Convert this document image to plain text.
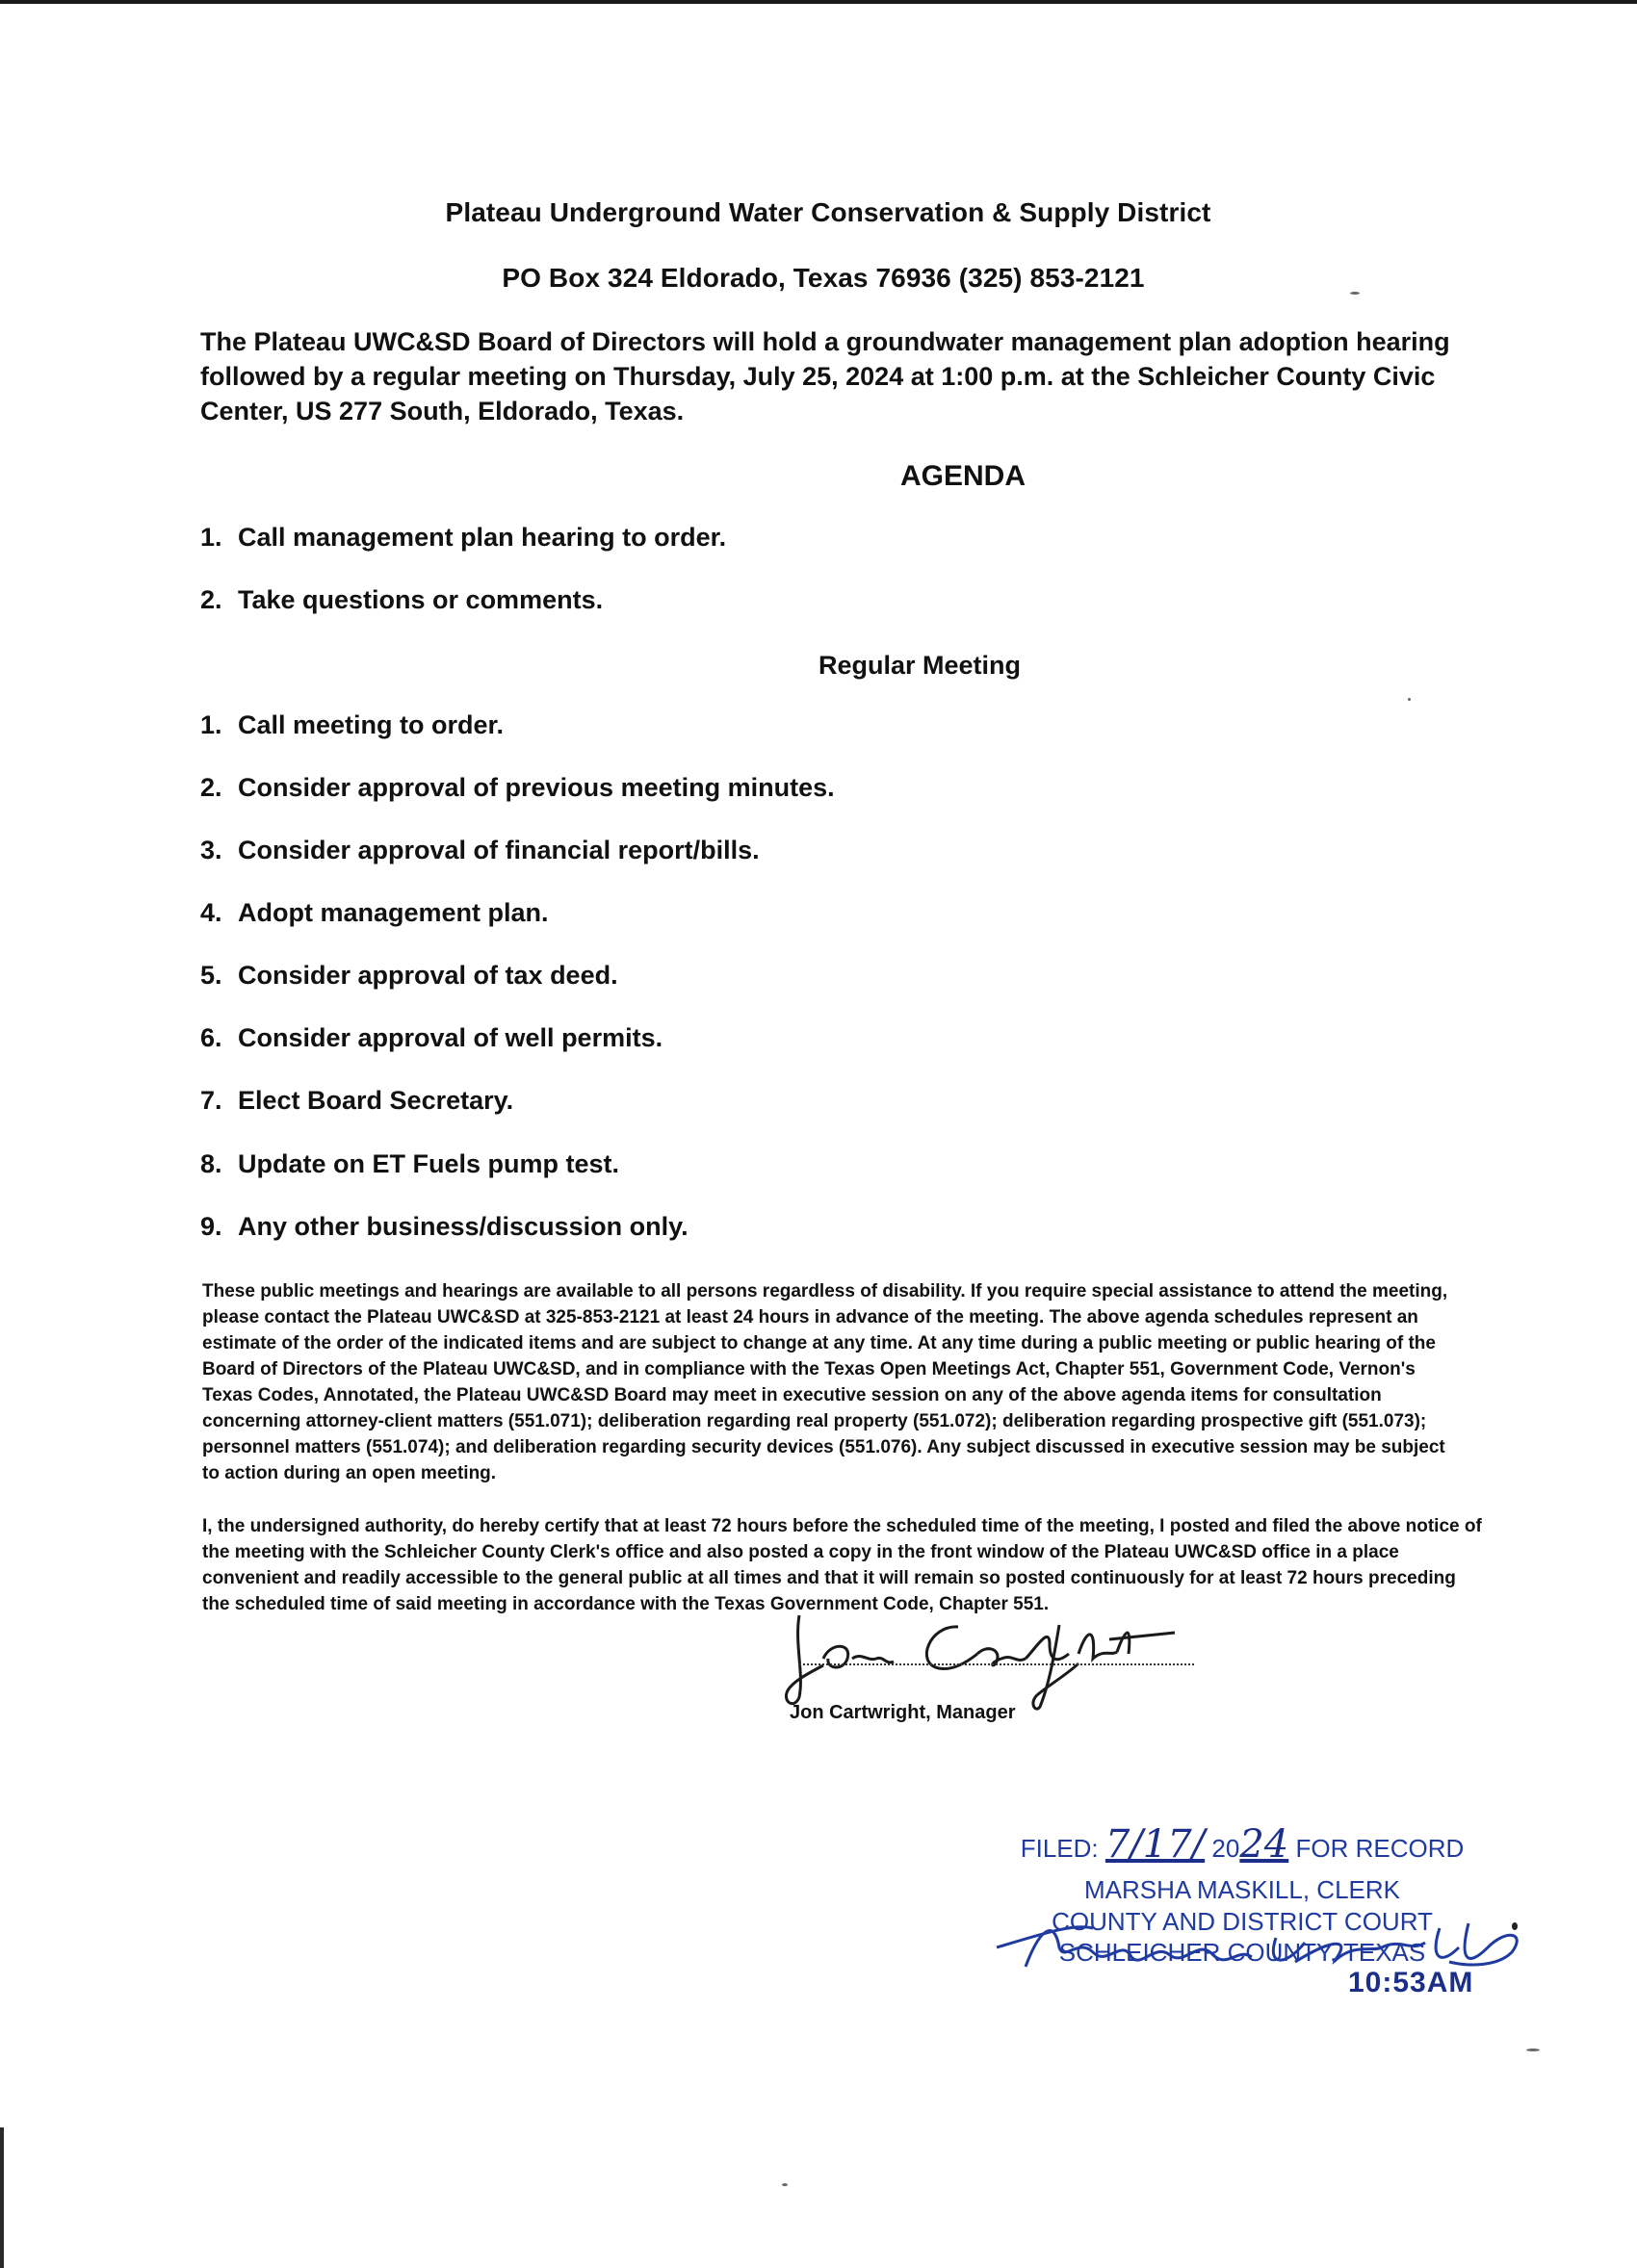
Plateau Underground Water Conservation & Supply District
PO Box 324 Eldorado, Texas 76936 (325) 853-2121
The Plateau UWC&SD Board of Directors will hold a groundwater management plan adoption hearing followed by a regular meeting on Thursday, July 25, 2024 at 1:00 p.m. at the Schleicher County Civic Center, US 277 South, Eldorado, Texas.
AGENDA
1. Call management plan hearing to order.
2. Take questions or comments.
Regular Meeting
1. Call meeting to order.
2. Consider approval of previous meeting minutes.
3. Consider approval of financial report/bills.
4. Adopt management plan.
5. Consider approval of tax deed.
6. Consider approval of well permits.
7. Elect Board Secretary.
8. Update on ET Fuels pump test.
9. Any other business/discussion only.
These public meetings and hearings are available to all persons regardless of disability. If you require special assistance to attend the meeting, please contact the Plateau UWC&SD at 325-853-2121 at least 24 hours in advance of the meeting. The above agenda schedules represent an estimate of the order of the indicated items and are subject to change at any time. At any time during a public meeting or public hearing of the Board of Directors of the Plateau UWC&SD, and in compliance with the Texas Open Meetings Act, Chapter 551, Government Code, Vernon's Texas Codes, Annotated, the Plateau UWC&SD Board may meet in executive session on any of the above agenda items for consultation concerning attorney-client matters (551.071); deliberation regarding real property (551.072); deliberation regarding prospective gift (551.073); personnel matters (551.074); and deliberation regarding security devices (551.076). Any subject discussed in executive session may be subject to action during an open meeting.
I, the undersigned authority, do hereby certify that at least 72 hours before the scheduled time of the meeting, I posted and filed the above notice of the meeting with the Schleicher County Clerk's office and also posted a copy in the front window of the Plateau UWC&SD office in a place convenient and readily accessible to the general public at all times and that it will remain so posted continuously for at least 72 hours preceding the scheduled time of said meeting in accordance with the Texas Government Code, Chapter 551.
Jon Cartwright, Manager
FILED: 7/17/ 2024 FOR RECORD
MARSHA MASKILL, CLERK
COUNTY AND DISTRICT COURT
SCHLEICHER COUNTY, TEXAS
10:53AM
